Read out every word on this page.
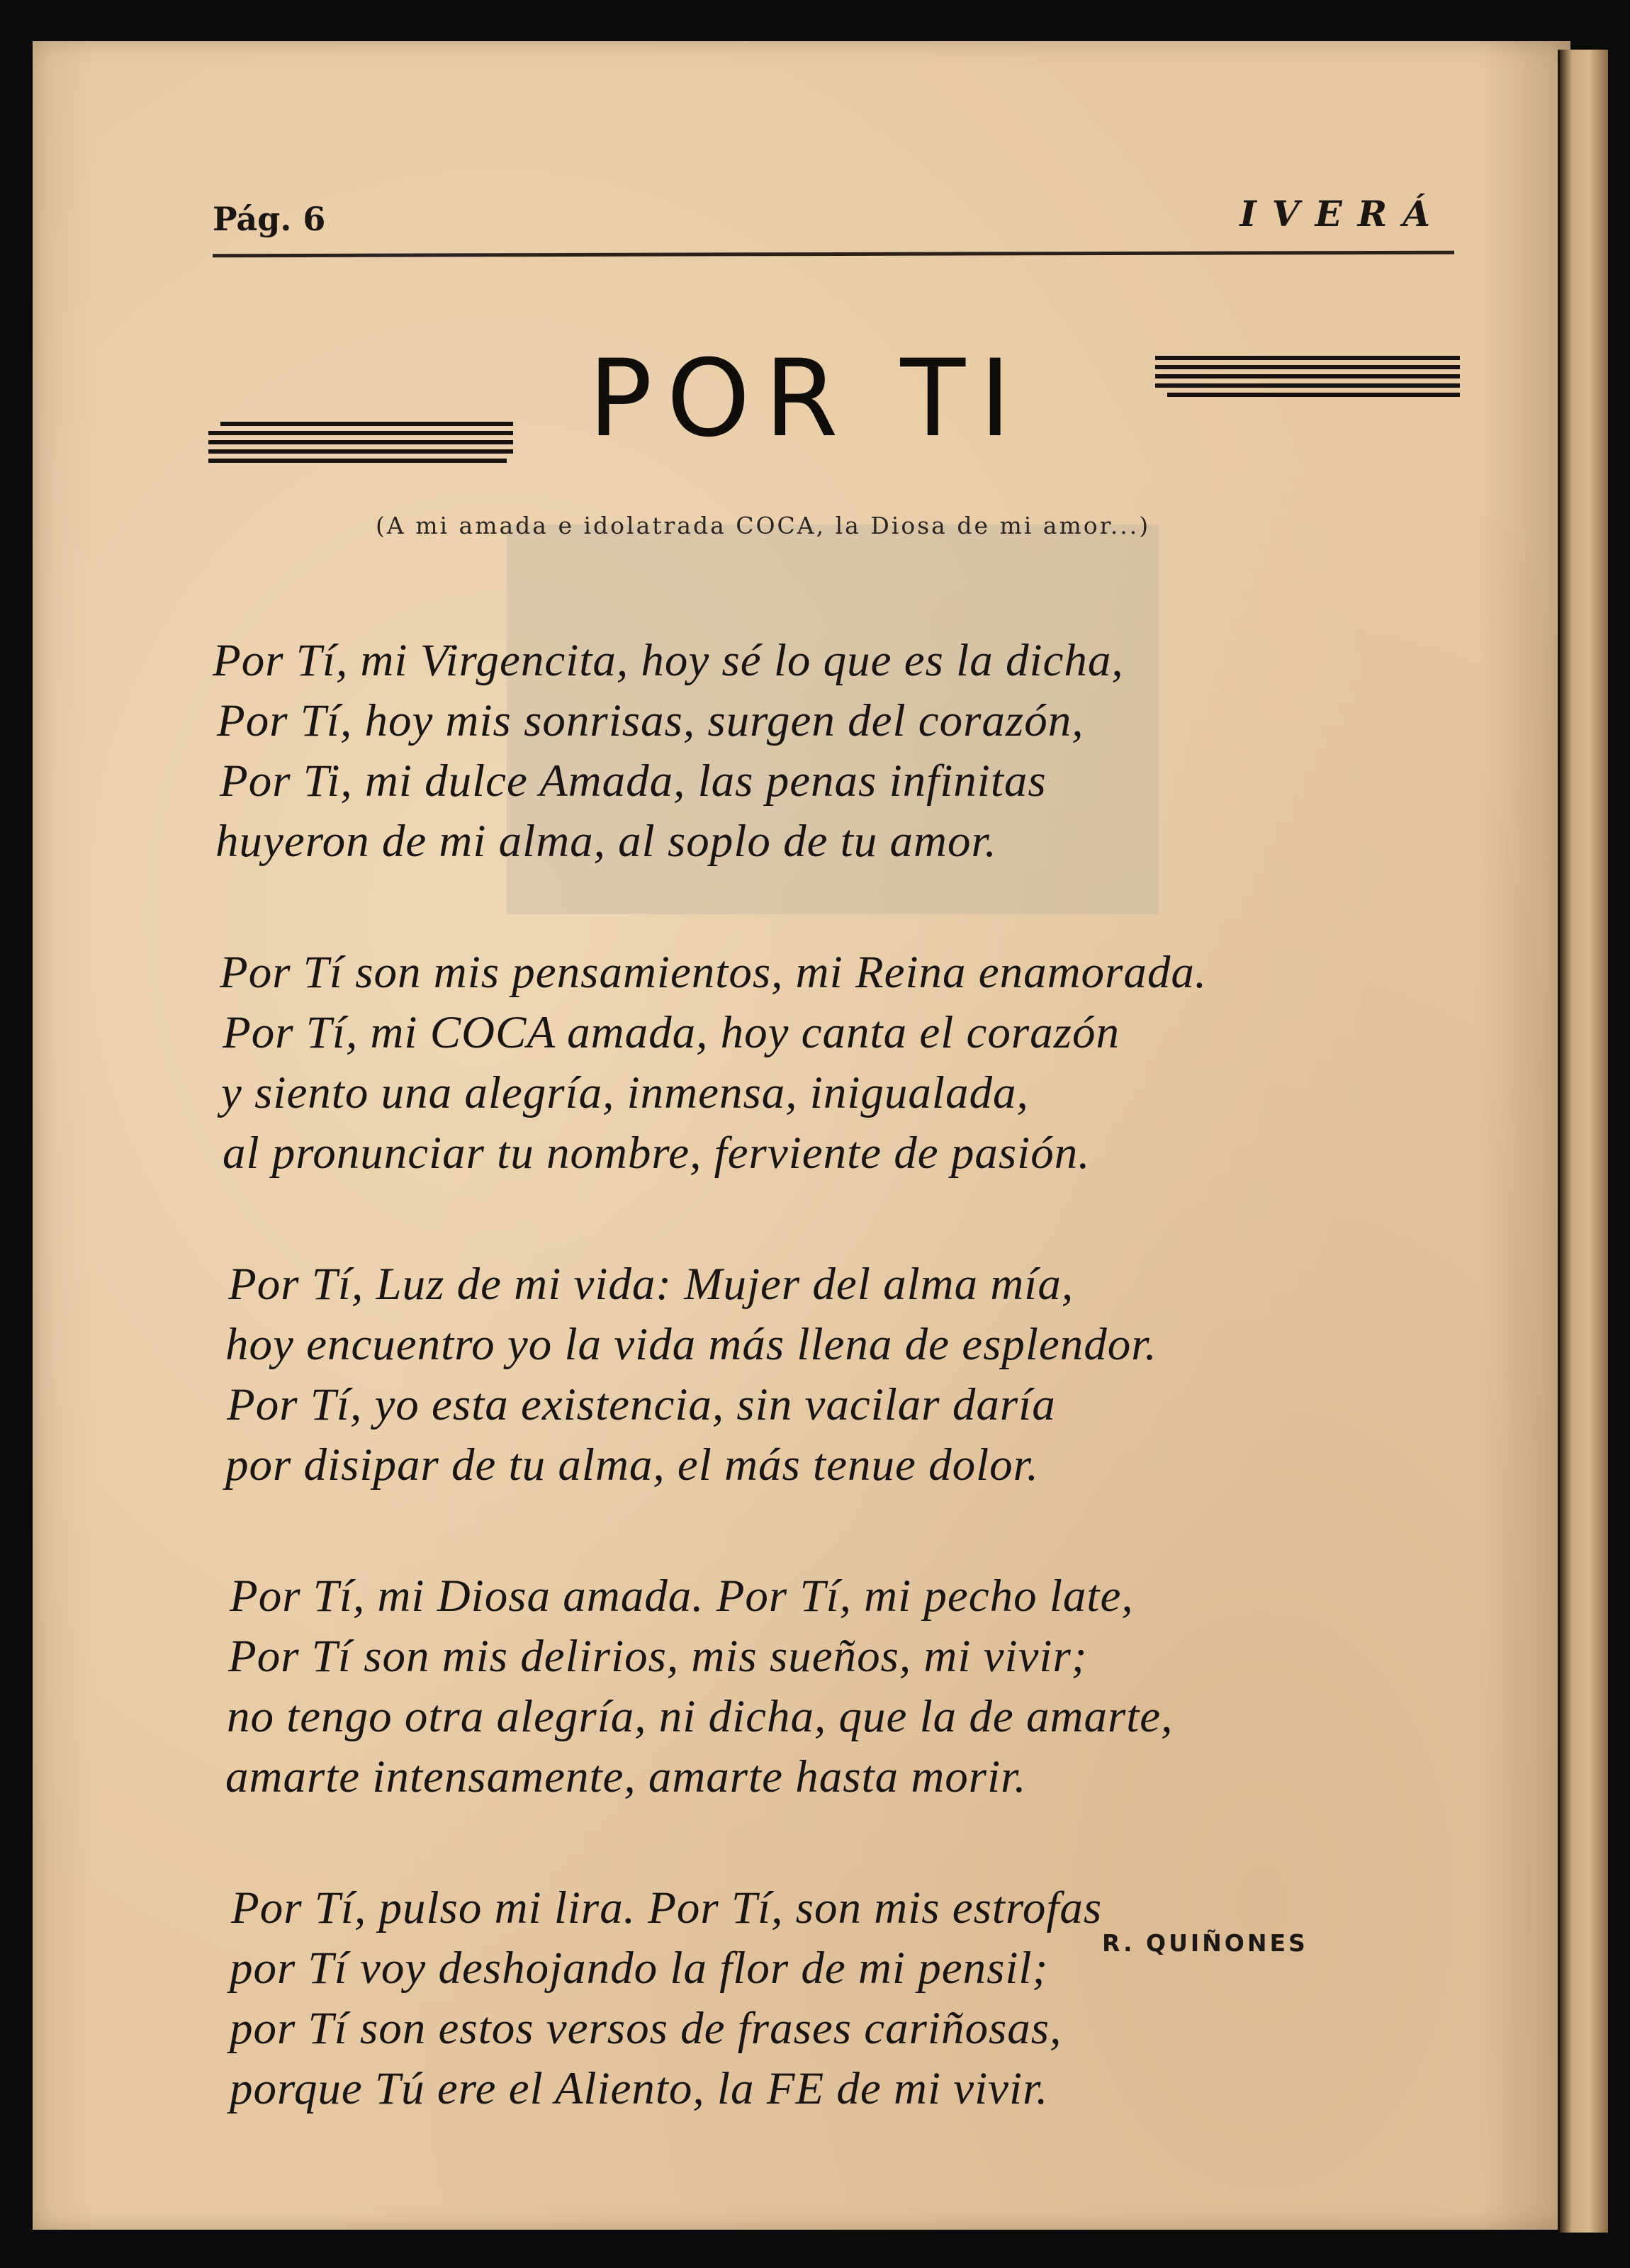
Pág. 6	IVERÁ
POR TI
(A mi amada e idolatrada COCA, la Diosa de mi amor...)
Por Tí, mi Virgencita, hoy sé lo que es la dicha,
Por Tí, hoy mis sonrisas, surgen del corazón,
Por Ti, mi dulce Amada, las penas infinitas
huyeron de mi alma, al soplo de tu amor.
Por Tí son mis pensamientos, mi Reina enamorada.
Por Tí, mi COCA amada, hoy canta el corazón
y siento una alegría, inmensa, inigualada,
al pronunciar tu nombre, ferviente de pasión.
Por Tí, Luz de mi vida: Mujer del alma mía,
hoy encuentro yo la vida más llena de esplendor.
Por Tí, yo esta existencia, sin vacilar daría
por disipar de tu alma, el más tenue dolor.
Por Tí, mi Diosa amada. Por Tí, mi pecho late,
Por Tí son mis delirios, mis sueños, mi vivir;
no tengo otra alegría, ni dicha, que la de amarte,
amarte intensamente, amarte hasta morir.
Por Tí, pulso mi lira. Por Tí, son mis estrofas
por Tí voy deshojando la flor de mi pensil;
por Tí son estos versos de frases cariñosas,
porque Tú ere el Aliento, la FE de mi vivir.
R. QUIÑONES
